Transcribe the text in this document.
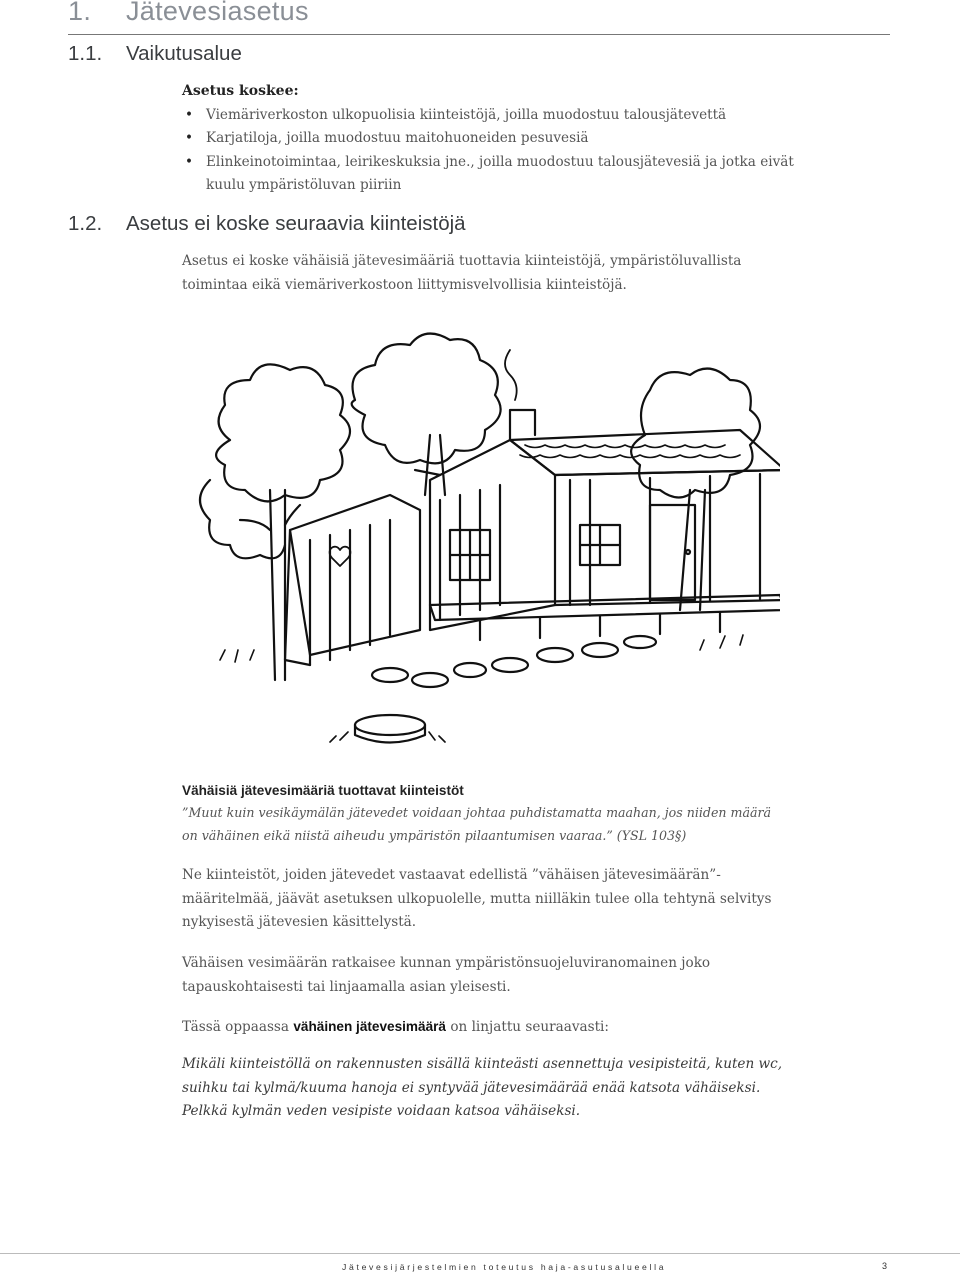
1. Jätevesiasetus
1.1. Vaikutusalue
Asetus koskee:
• Viemäriverkoston ulkopuolisia kiinteistöjä, joilla muodostuu talousjätevettä
• Karjatiloja, joilla muodostuu maitohuoneiden pesuvesiä
• Elinkeinotoimintaa, leirikeskuksia jne., joilla muodostuu talousjätevesiä ja jotka eivät kuulu ympäristöluvan piiriin
1.2. Asetus ei koske seuraavia kiinteistöjä
Asetus ei koske vähäisiä jätevesimääriä tuottavia kiinteistöjä, ympäristöluvallista toimintaa eikä viemäriverkostoon liittymisvelvollisia kiinteistöjä.
Vähäisiä jätevesimääriä tuottavat kiinteistöt
”Muut kuin vesikäymälän jätevedet voidaan johtaa puhdistamatta maahan, jos niiden määrä on vähäinen eikä niistä aiheudu ympäristön pilaantumisen vaaraa.” (YSL 103§)
Ne kiinteistöt, joiden jätevedet vastaavat edellistä ”vähäisen jätevesimäärän”-määritelmää, jäävät asetuksen ulkopuolelle, mutta niilläkin tulee olla tehtynä selvitys nykyisestä jätevesien käsittelystä.
Vähäisen vesimäärän ratkaisee kunnan ympäristönsuojeluviranomainen joko tapauskohtaisesti tai linjaamalla asian yleisesti.
Tässä oppaassa vähäinen jätevesimäärä on linjattu seuraavasti:
Mikäli kiinteistöllä on rakennusten sisällä kiinteästi asennettuja vesipisteitä, kuten wc, suihku tai kylmä/kuuma hanoja ei syntyvää jätevesimäärää enää katsota vähäiseksi. Pelkkä kylmän veden vesipiste voidaan katsoa vähäiseksi.
Jätevesijärjestelmien toteutus haja-asutusalueella	3
